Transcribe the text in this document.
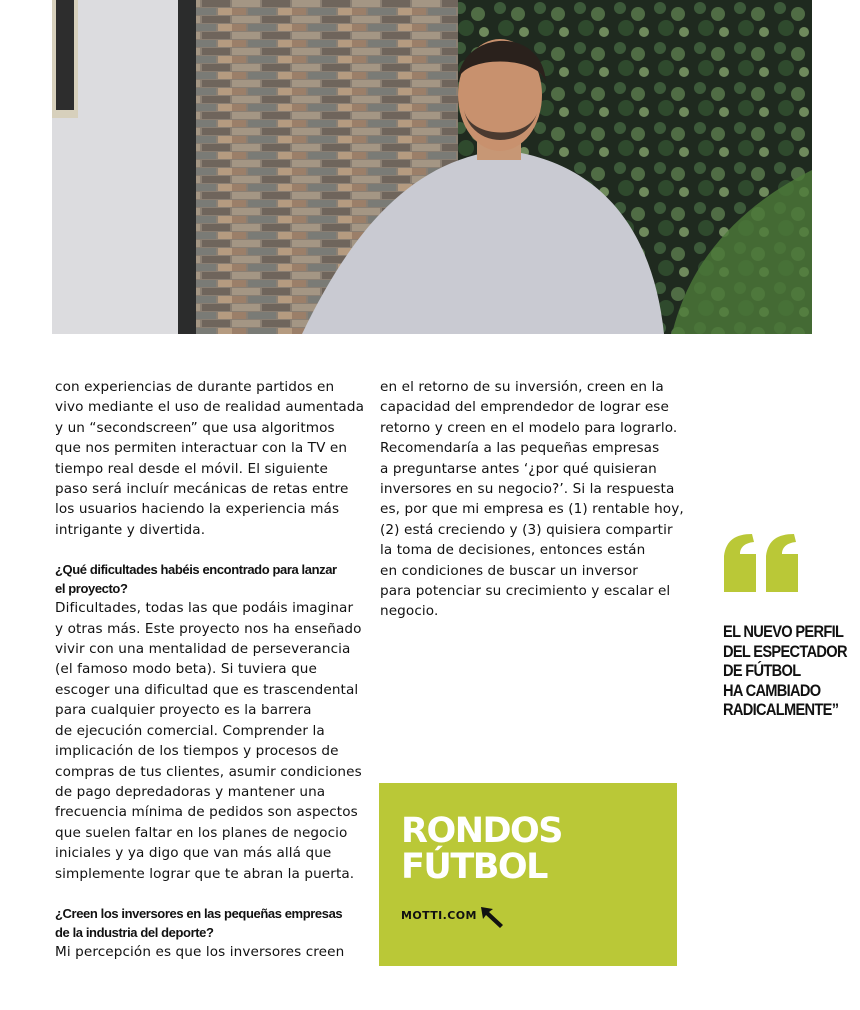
con experiencias de durante partidos en
vivo mediante el uso de realidad aumentada
y un “secondscreen” que usa algoritmos
que nos permiten interactuar con la TV en
tiempo real desde el móvil. El siguiente
paso será incluír mecánicas de retas entre
los usuarios haciendo la experiencia más
intrigante y divertida.

¿Qué dificultades habéis encontrado para lanzar
el proyecto?

Dificultades, todas las que podáis imaginar
y otras más. Este proyecto nos ha enseñado
vivir con una mentalidad de perseverancia
(el famoso modo beta). Si tuviera que
escoger una dificultad que es trascendental
para cualquier proyecto es la barrera
de ejecución comercial. Comprender la
implicación de los tiempos y procesos de
compras de tus clientes, asumir condiciones
de pago depredadoras y mantener una
frecuencia mínima de pedidos son aspectos
que suelen faltar en los planes de negocio
iniciales y ya digo que van más allá que
simplemente lograr que te abran la puerta.

¿Creen los inversores en las pequeñas empresas
de la industria del deporte?

Mi percepción es que los inversores creen

en el retorno de su inversión, creen en la
capacidad del emprendedor de lograr ese
retorno y creen en el modelo para lograrlo.
Recomendaría a las pequeñas empresas
a preguntarse antes ‘¿por qué quisieran
inversores en su negocio?’. Si la respuesta
es, por que mi empresa es (1) rentable hoy,
(2) está creciendo y (3) quisiera compartir
la toma de decisiones, entonces están
en condiciones de buscar un inversor
para potenciar su crecimiento y escalar el
negocio.

EL NUEVO PERFIL
DEL ESPECTADOR
DE FÚTBOL
HA CAMBIADO
RADICALMENTE”
RONDOS
FÚTBOL
MOTTI.COM
